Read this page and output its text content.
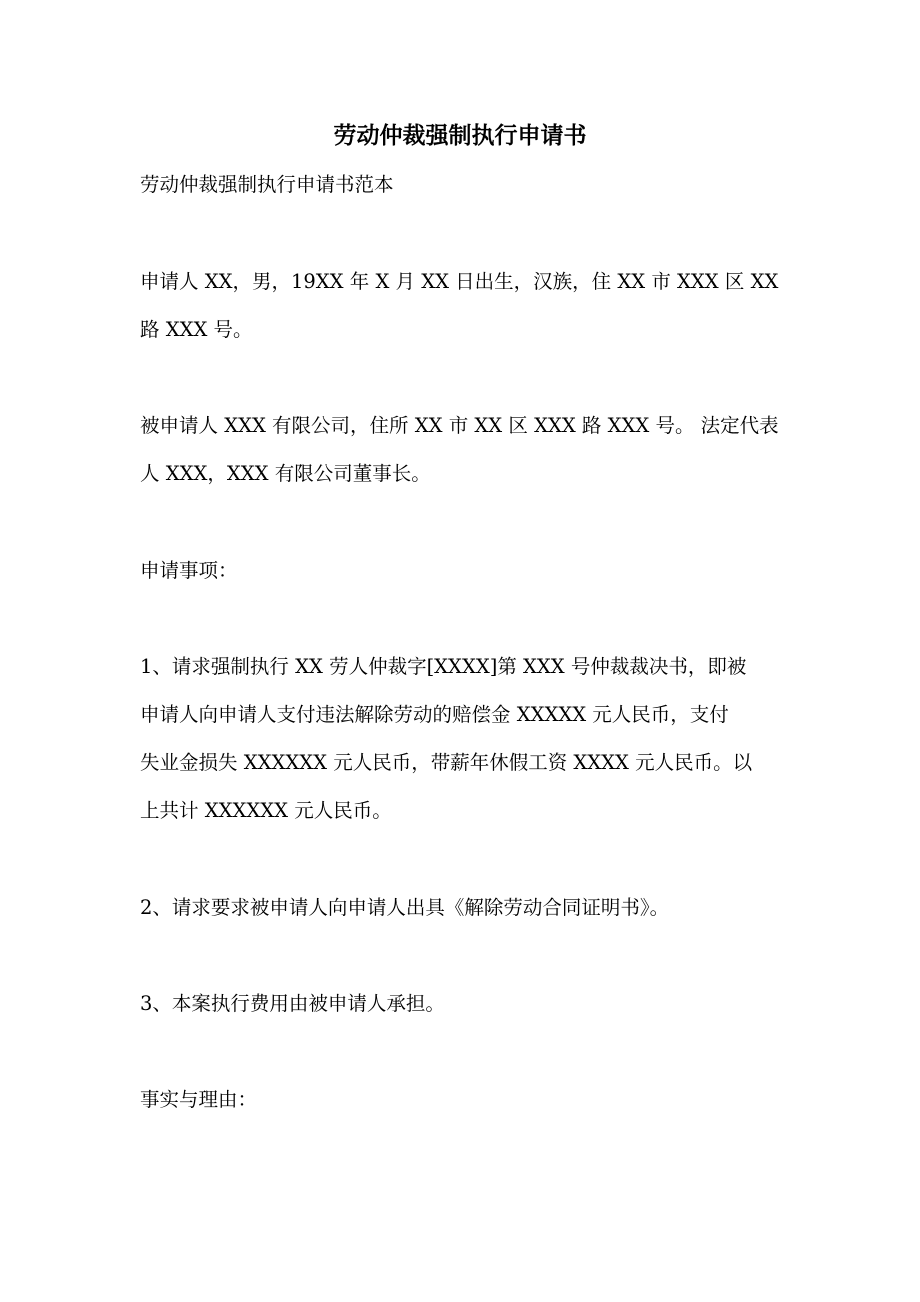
劳动仲裁强制执行申请书

劳动仲裁强制执行申请书范本

申请人 XX，男，19XX 年 X 月 XX 日出生，汉族，住 XX 市 XXX 区 XX
路 XXX 号。

被申请人 XXX 有限公司，住所 XX 市 XX 区 XXX 路 XXX 号。 法定代表
人 XXX，XXX 有限公司董事长。

申请事项：

1、请求强制执行 XX 劳人仲裁字[XXXX]第 XXX 号仲裁裁决书，即被
申请人向申请人支付违法解除劳动的赔偿金 XXXXX 元人民币，支付
失业金损失 XXXXXX 元人民币，带薪年休假工资 XXXX 元人民币。以
上共计 XXXXXX 元人民币。

2、请求要求被申请人向申请人出具《解除劳动合同证明书》。

3、本案执行费用由被申请人承担。

事实与理由：
